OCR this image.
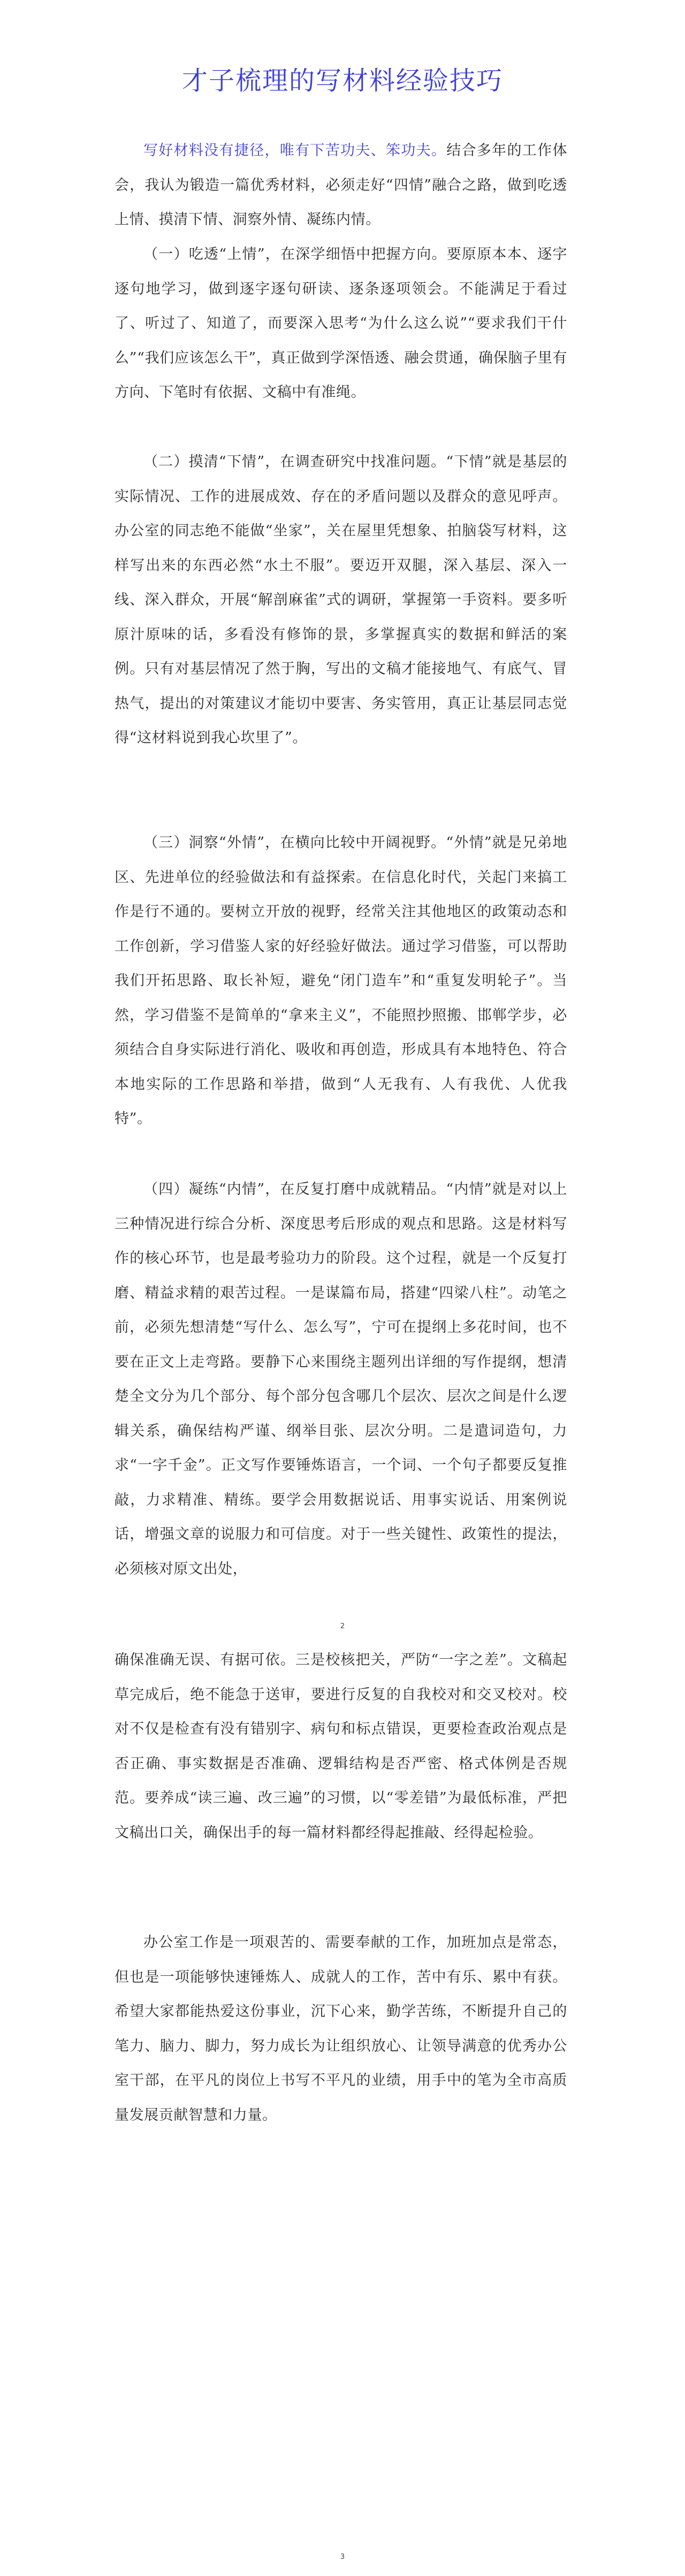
才子梳理的写材料经验技巧
写好材料没有捷径，唯有下苦功夫、笨功夫。结合多年的工作体会，我认为锻造一篇优秀材料，必须走好“四情”融合之路，做到吃透上情、摸清下情、洞察外情、凝练内情。
（一）吃透“上情”，在深学细悟中把握方向。要原原本本、逐字逐句地学习，做到逐字逐句研读、逐条逐项领会。不能满足于看过了、听过了、知道了，而要深入思考“为什么这么说”“要求我们干什么”“我们应该怎么干”，真正做到学深悟透、融会贯通，确保脑子里有方向、下笔时有依据、文稿中有准绳。
（二）摸清“下情”，在调查研究中找准问题。“下情”就是基层的实际情况、工作的进展成效、存在的矛盾问题以及群众的意见呼声。办公室的同志绝不能做“坐家”，关在屋里凭想象、拍脑袋写材料，这样写出来的东西必然“水土不服”。要迈开双腿，深入基层、深入一线、深入群众，开展“解剖麻雀”式的调研，掌握第一手资料。要多听原汁原味的话，多看没有修饰的景，多掌握真实的数据和鲜活的案例。只有对基层情况了然于胸，写出的文稿才能接地气、有底气、冒热气，提出的对策建议才能切中要害、务实管用，真正让基层同志觉得“这材料说到我心坎里了”。
（三）洞察“外情”，在横向比较中开阔视野。“外情”就是兄弟地区、先进单位的经验做法和有益探索。在信息化时代，关起门来搞工作是行不通的。要树立开放的视野，经常关注其他地区的政策动态和工作创新，学习借鉴人家的好经验好做法。通过学习借鉴，可以帮助我们开拓思路、取长补短，避免“闭门造车”和“重复发明轮子”。当然，学习借鉴不是简单的“拿来主义”，不能照抄照搬、邯郸学步，必须结合自身实际进行消化、吸收和再创造，形成具有本地特色、符合本地实际的工作思路和举措，做到“人无我有、人有我优、人优我特”。
（四）凝练“内情”，在反复打磨中成就精品。“内情”就是对以上三种情况进行综合分析、深度思考后形成的观点和思路。这是材料写作的核心环节，也是最考验功力的阶段。这个过程，就是一个反复打磨、精益求精的艰苦过程。一是谋篇布局，搭建“四梁八柱”。动笔之前，必须先想清楚“写什么、怎么写”，宁可在提纲上多花时间，也不要在正文上走弯路。要静下心来围绕主题列出详细的写作提纲，想清楚全文分为几个部分、每个部分包含哪几个层次、层次之间是什么逻辑关系，确保结构严谨、纲举目张、层次分明。二是遣词造句，力求“一字千金”。正文写作要锤炼语言，一个词、一个句子都要反复推敲，力求精准、精练。要学会用数据说话、用事实说话、用案例说话，增强文章的说服力和可信度。对于一些关键性、政策性的提法，必须核对原文出处，
2
确保准确无误、有据可依。三是校核把关，严防“一字之差”。文稿起草完成后，绝不能急于送审，要进行反复的自我校对和交叉校对。校对不仅是检查有没有错别字、病句和标点错误，更要检查政治观点是否正确、事实数据是否准确、逻辑结构是否严密、格式体例是否规范。要养成“读三遍、改三遍”的习惯，以“零差错”为最低标准，严把文稿出口关，确保出手的每一篇材料都经得起推敲、经得起检验。
办公室工作是一项艰苦的、需要奉献的工作，加班加点是常态，但也是一项能够快速锤炼人、成就人的工作，苦中有乐、累中有获。希望大家都能热爱这份事业，沉下心来，勤学苦练，不断提升自己的笔力、脑力、脚力，努力成长为让组织放心、让领导满意的优秀办公室干部，在平凡的岗位上书写不平凡的业绩，用手中的笔为全市高质量发展贡献智慧和力量。
3
